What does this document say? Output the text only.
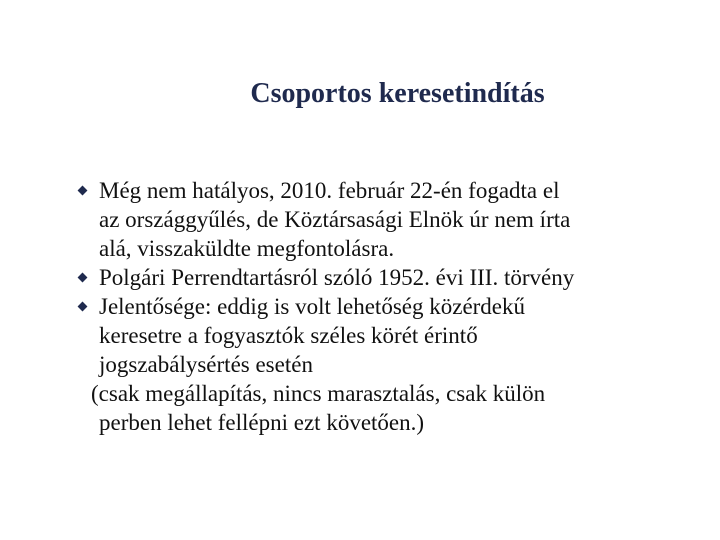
Csoportos keresetindítás
Még nem hatályos, 2010. február 22-én fogadta el
az országgyűlés, de Köztársasági Elnök úr nem írta
alá, visszaküldte megfontolásra.
Polgári Perrendtartásról szóló 1952. évi III. törvény
Jelentősége: eddig is volt lehetőség közérdekű
keresetre a fogyasztók széles körét érintő
jogszabálysértés esetén
(csak megállapítás, nincs marasztalás, csak külön
perben lehet fellépni ezt követően.)
